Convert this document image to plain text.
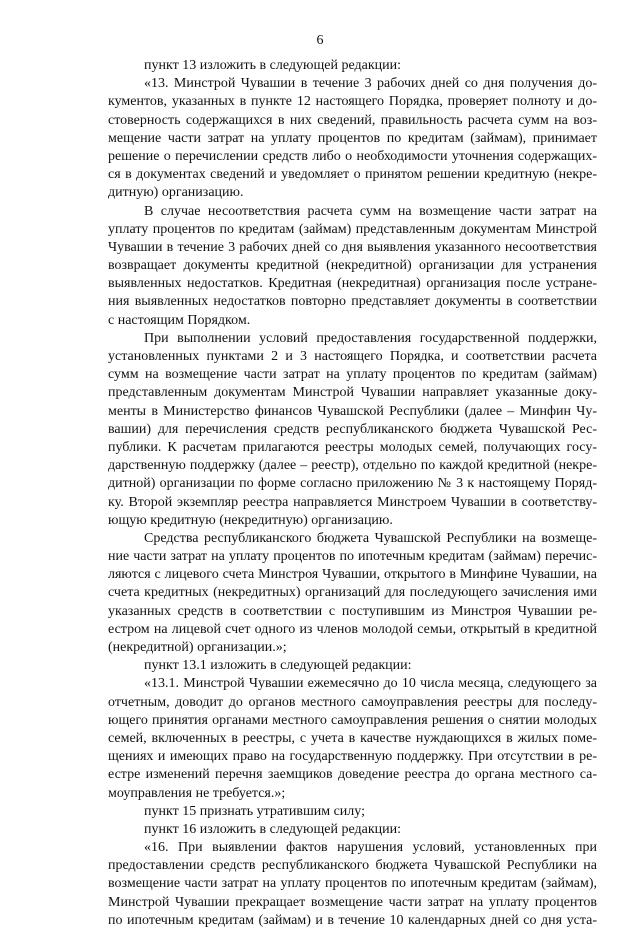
6
пункт 13 изложить в следующей редакции:
«13. Минстрой Чувашии в течение 3 рабочих дней со дня получения до-
кументов, указанных в пункте 12 настоящего Порядка, проверяет полноту и до-
стоверность содержащихся в них сведений, правильность расчета сумм на воз-
мещение части затрат на уплату процентов по кредитам (займам), принимает
решение о перечислении средств либо о необходимости уточнения содержащих-
ся в документах сведений и уведомляет о принятом решении кредитную (некре-
дитную) организацию.
В случае несоответствия расчета сумм на возмещение части затрат на
уплату процентов по кредитам (займам) представленным документам Минстрой
Чувашии в течение 3 рабочих дней со дня выявления указанного несоответствия
возвращает документы кредитной (некредитной) организации для устранения
выявленных недостатков. Кредитная (некредитная) организация после устране-
ния выявленных недостатков повторно представляет документы в соответствии
с настоящим Порядком.
При выполнении условий предоставления государственной поддержки,
установленных пунктами 2 и 3 настоящего Порядка, и соответствии расчета
сумм на возмещение части затрат на уплату процентов по кредитам (займам)
представленным документам Минстрой Чувашии направляет указанные доку-
менты в Министерство финансов Чувашской Республики (далее – Минфин Чу-
вашии) для перечисления средств республиканского бюджета Чувашской Рес-
публики. К расчетам прилагаются реестры молодых семей, получающих госу-
дарственную поддержку (далее – реестр), отдельно по каждой кредитной (некре-
дитной) организации по форме согласно приложению № 3 к настоящему Поряд-
ку. Второй экземпляр реестра направляется Минстроем Чувашии в соответству-
ющую кредитную (некредитную) организацию.
Средства республиканского бюджета Чувашской Республики на возмеще-
ние части затрат на уплату процентов по ипотечным кредитам (займам) перечис-
ляются с лицевого счета Минстроя Чувашии, открытого в Минфине Чувашии, на
счета кредитных (некредитных) организаций для последующего зачисления ими
указанных средств в соответствии с поступившим из Минстроя Чувашии ре-
естром на лицевой счет одного из членов молодой семьи, открытый в кредитной
(некредитной) организации.»;
пункт 13.1 изложить в следующей редакции:
«13.1. Минстрой Чувашии ежемесячно до 10 числа месяца, следующего за
отчетным, доводит до органов местного самоуправления реестры для последу-
ющего принятия органами местного самоуправления решения о снятии молодых
семей, включенных в реестры, с учета в качестве нуждающихся в жилых поме-
щениях и имеющих право на государственную поддержку. При отсутствии в ре-
естре изменений перечня заемщиков доведение реестра до органа местного са-
моуправления не требуется.»;
пункт 15 признать утратившим силу;
пункт 16 изложить в следующей редакции:
«16. При выявлении фактов нарушения условий, установленных при
предоставлении средств республиканского бюджета Чувашской Республики на
возмещение части затрат на уплату процентов по ипотечным кредитам (займам),
Минстрой Чувашии прекращает возмещение части затрат на уплату процентов
по ипотечным кредитам (займам) и в течение 10 календарных дней со дня уста-
